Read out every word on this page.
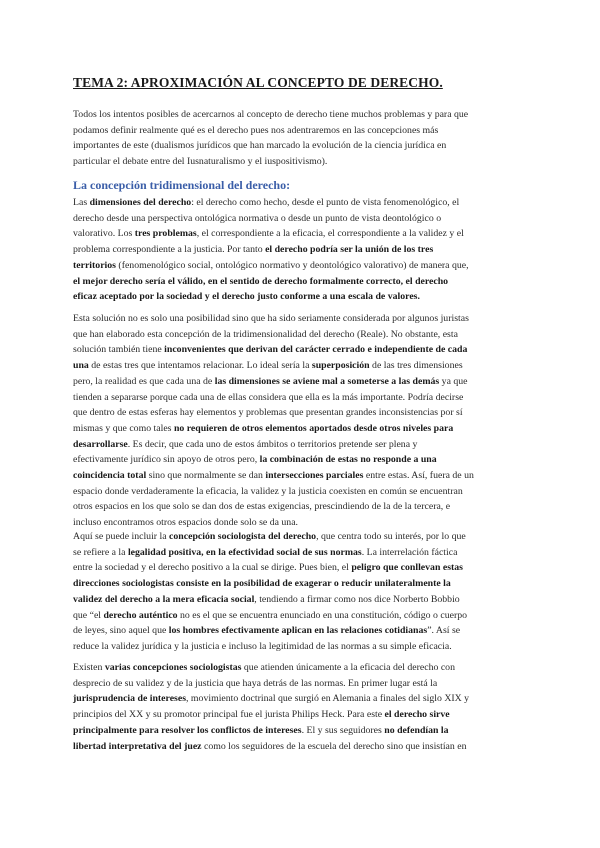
TEMA 2: APROXIMACIÓN AL CONCEPTO DE DERECHO.
Todos los intentos posibles de acercarnos al concepto de derecho tiene muchos problemas y para que
podamos definir realmente qué es el derecho pues nos adentraremos en las concepciones más
importantes de este (dualismos jurídicos que han marcado la evolución de la ciencia jurídica en
particular el debate entre del Iusnaturalismo y el iuspositivismo).
La concepción tridimensional del derecho:
Las dimensiones del derecho: el derecho como hecho, desde el punto de vista fenomenológico, el
derecho desde una perspectiva ontológica normativa o desde un punto de vista deontológico o
valorativo. Los tres problemas, el correspondiente a la eficacia, el correspondiente a la validez y el
problema correspondiente a la justicia. Por tanto el derecho podría ser la unión de los tres
territorios (fenomenológico social, ontológico normativo y deontológico valorativo) de manera que,
el mejor derecho sería el válido, en el sentido de derecho formalmente correcto, el derecho
eficaz aceptado por la sociedad y el derecho justo conforme a una escala de valores.
Esta solución no es solo una posibilidad sino que ha sido seriamente considerada por algunos juristas
que han elaborado esta concepción de la tridimensionalidad del derecho (Reale). No obstante, esta
solución también tiene inconvenientes que derivan del carácter cerrado e independiente de cada
una de estas tres que intentamos relacionar. Lo ideal sería la superposición de las tres dimensiones
pero, la realidad es que cada una de las dimensiones se aviene mal a someterse a las demás ya que
tienden a separarse porque cada una de ellas considera que ella es la más importante. Podría decirse
que dentro de estas esferas hay elementos y problemas que presentan grandes inconsistencias por sí
mismas y que como tales no requieren de otros elementos aportados desde otros niveles para
desarrollarse. Es decir, que cada uno de estos ámbitos o territorios pretende ser plena y
efectivamente jurídico sin apoyo de otros pero, la combinación de estas no responde a una
coincidencia total sino que normalmente se dan intersecciones parciales entre estas. Así, fuera de un
espacio donde verdaderamente la eficacia, la validez y la justicia coexisten en común se encuentran
otros espacios en los que solo se dan dos de estas exigencias, prescindiendo de la de la tercera, e
incluso encontramos otros espacios donde solo se da una.
Aquí se puede incluir la concepción sociologista del derecho, que centra todo su interés, por lo que
se refiere a la legalidad positiva, en la efectividad social de sus normas. La interrelación fáctica
entre la sociedad y el derecho positivo a la cual se dirige. Pues bien, el peligro que conllevan estas
direcciones sociologistas consiste en la posibilidad de exagerar o reducir unilateralmente la
validez del derecho a la mera eficacia social, tendiendo a firmar como nos dice Norberto Bobbio
que “el derecho auténtico no es el que se encuentra enunciado en una constitución, código o cuerpo
de leyes, sino aquel que los hombres efectivamente aplican en las relaciones cotidianas”. Así se
reduce la validez jurídica y la justicia e incluso la legitimidad de las normas a su simple eficacia.
Existen varias concepciones sociologistas que atienden únicamente a la eficacia del derecho con
desprecio de su validez y de la justicia que haya detrás de las normas. En primer lugar está la
jurisprudencia de intereses, movimiento doctrinal que surgió en Alemania a finales del siglo XIX y
principios del XX y su promotor principal fue el jurista Philips Heck. Para este el derecho sirve
principalmente para resolver los conflictos de intereses. El y sus seguidores no defendían la
libertad interpretativa del juez como los seguidores de la escuela del derecho sino que insistían en
